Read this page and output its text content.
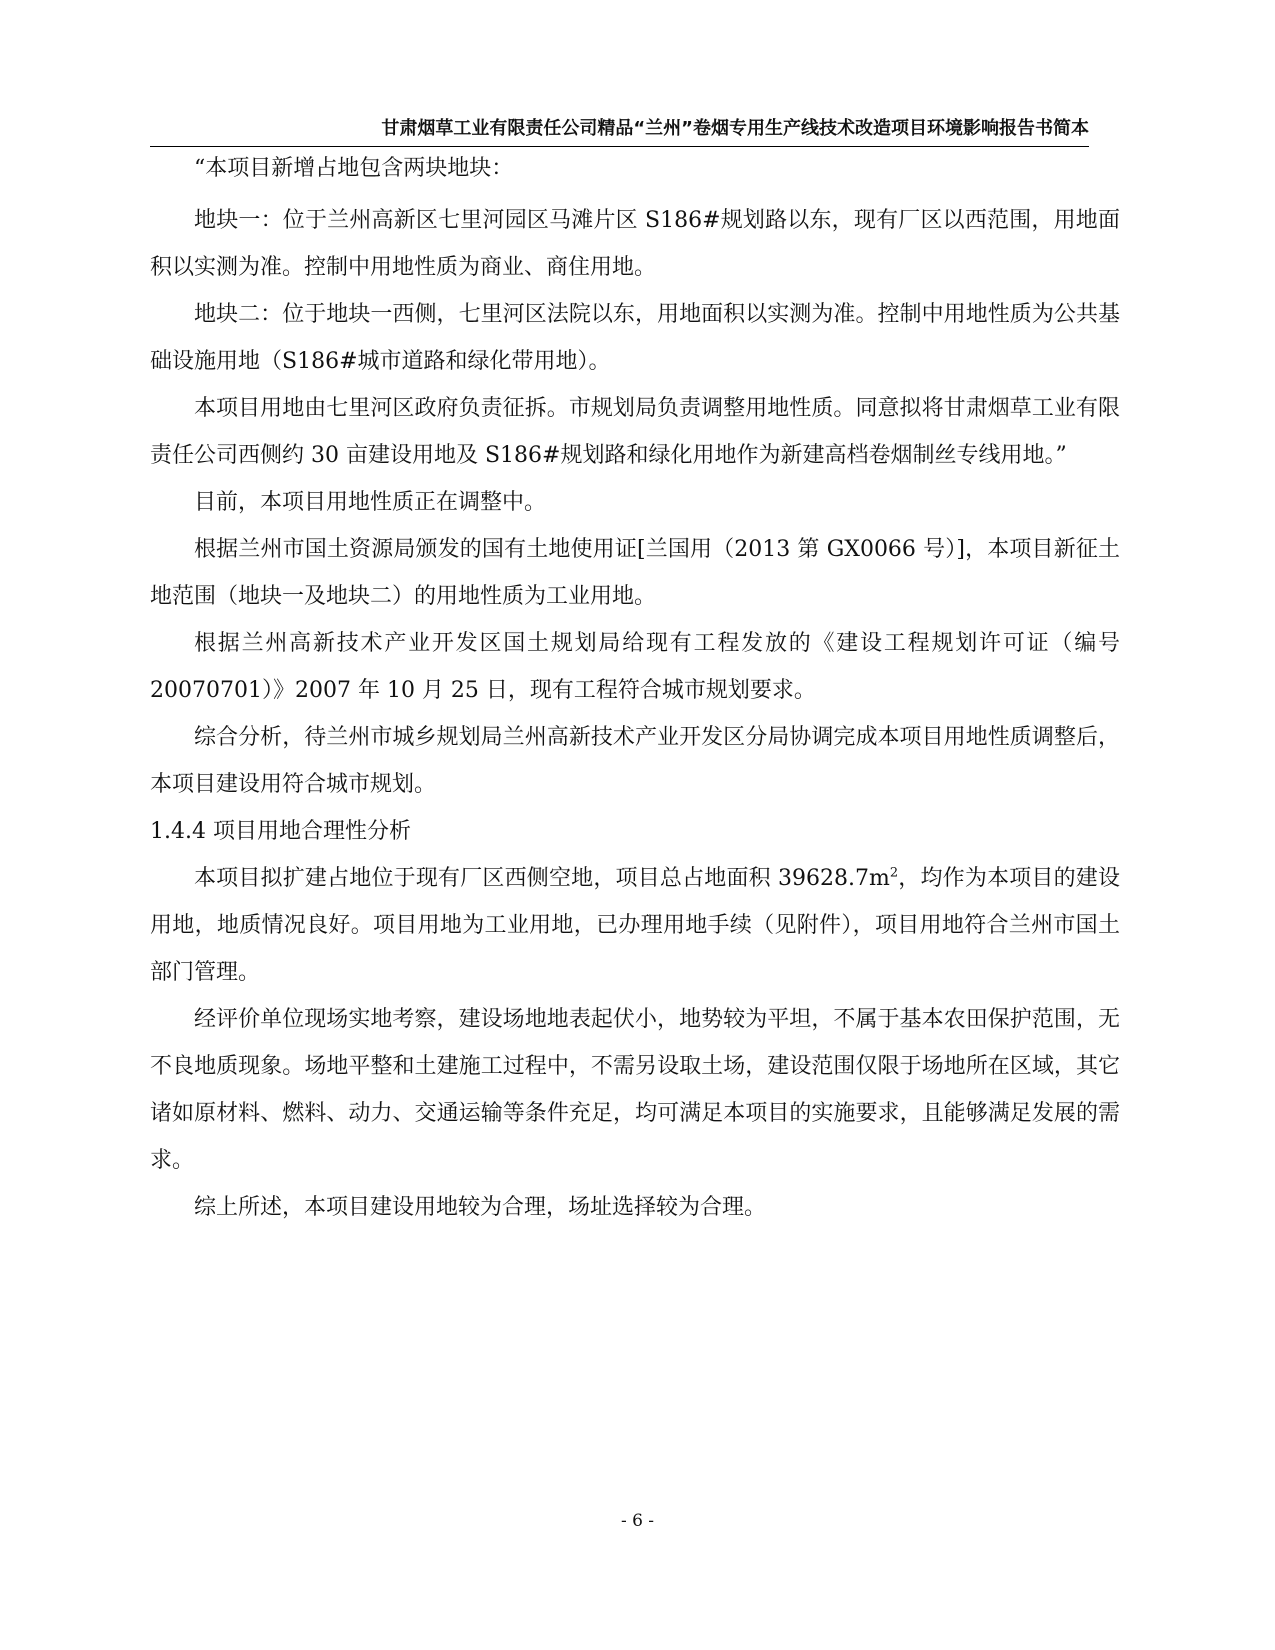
甘肃烟草工业有限责任公司精品“兰州”卷烟专用生产线技术改造项目环境影响报告书简本

“本项目新增占地包含两块地块：

地块一：位于兰州高新区七里河园区马滩片区 S186#规划路以东，现有厂区以西范围，用地面积以实测为准。控制中用地性质为商业、商住用地。

地块二：位于地块一西侧，七里河区法院以东，用地面积以实测为准。控制中用地性质为公共基础设施用地（S186#城市道路和绿化带用地）。

本项目用地由七里河区政府负责征拆。市规划局负责调整用地性质。同意拟将甘肃烟草工业有限责任公司西侧约 30 亩建设用地及 S186#规划路和绿化用地作为新建高档卷烟制丝专线用地。”

目前，本项目用地性质正在调整中。

根据兰州市国土资源局颁发的国有土地使用证[兰国用（2013 第 GX0066 号）]，本项目新征土地范围（地块一及地块二）的用地性质为工业用地。

根据兰州高新技术产业开发区国土规划局给现有工程发放的《建设工程规划许可证（编号 20070701）》2007 年 10 月 25 日，现有工程符合城市规划要求。

综合分析，待兰州市城乡规划局兰州高新技术产业开发区分局协调完成本项目用地性质调整后，本项目建设用符合城市规划。

1.4.4 项目用地合理性分析

本项目拟扩建占地位于现有厂区西侧空地，项目总占地面积 $39628.7m^2$，均作为本项目的建设用地，地质情况良好。项目用地为工业用地，已办理用地手续（见附件），项目用地符合兰州市国土部门管理。

经评价单位现场实地考察，建设场地地表起伏小，地势较为平坦，不属于基本农田保护范围，无不良地质现象。场地平整和土建施工过程中，不需另设取土场，建设范围仅限于场地所在区域，其它诸如原材料、燃料、动力、交通运输等条件充足，均可满足本项目的实施要求，且能够满足发展的需求。

综上所述，本项目建设用地较为合理，场址选择较为合理。

- 6 -
